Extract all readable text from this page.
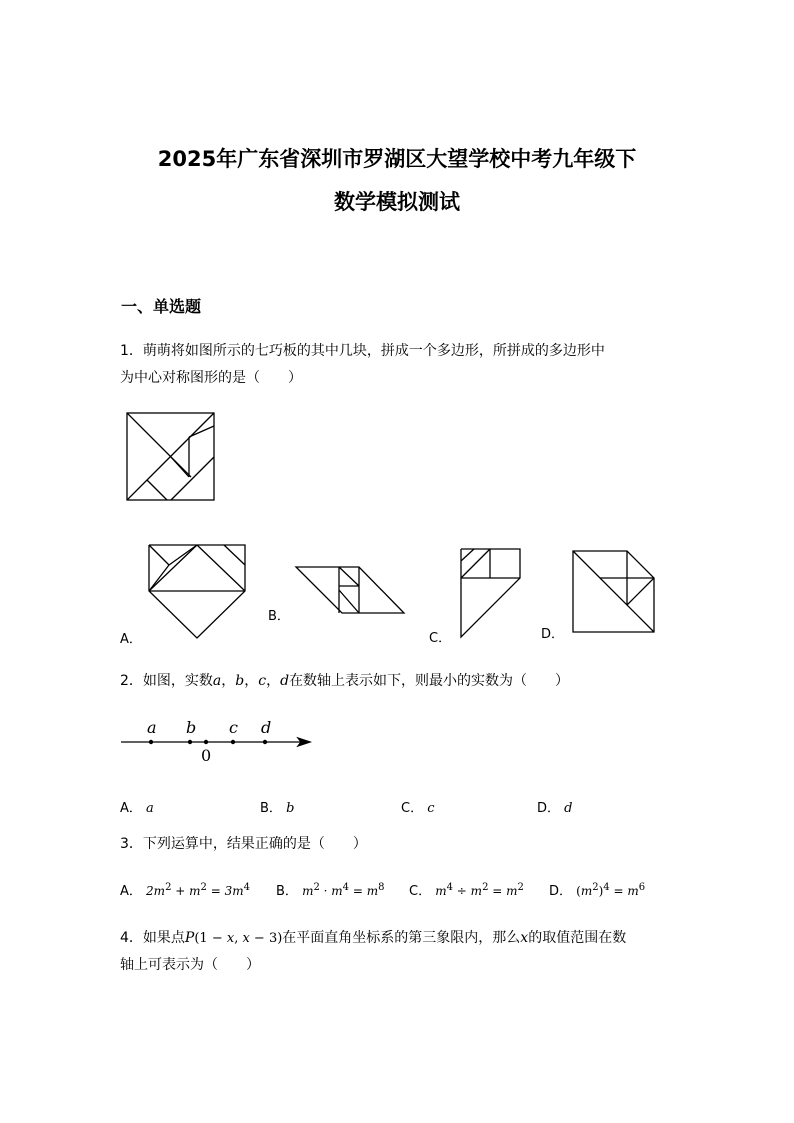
2025年广东省深圳市罗湖区大望学校中考九年级下
数学模拟测试
一、单选题
1．萌萌将如图所示的七巧板的其中几块，拼成一个多边形，所拼成的多边形中
为中心对称图形的是（　　）
A．
B．
C．	D．
2．如图，实数a，b，c，d在数轴上表示如下，则最小的实数为（　　）
a b c d
0
A． a	B． b	C． c	D． d
3．下列运算中，结果正确的是（　　）
A． $2m^2 + m^2 = 3m^4$ B． $m^2 \cdot m^4 = m^8$ C． $m^4 \div m^2 = m^2$ D． $(m^2)^4 = m^6$
4．如果点P(1 − x, x − 3)在平面直角坐标系的第三象限内，那么x的取值范围在数
轴上可表示为（　　）
